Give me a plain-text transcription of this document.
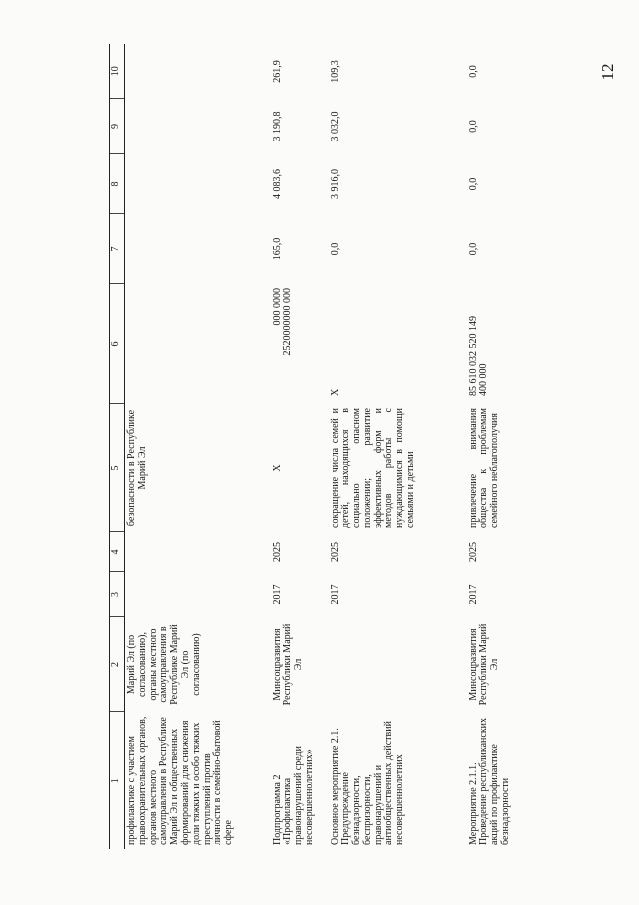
12
1	2	3	4	5	6	7	8	9	10
профилактике с участием правоохранительных органов, органов местного самоуправления в Республике Марий Эл и общественных формирований для снижения доли тяжких и особо тяжких преступлений против личности в семейно-бытовой сфере	Марий Эл (по согласованию), органы местного самоуправления в Республике Марий Эл (по согласованию)			безопасности в Республике Марий Эл	

Подпрограмма 2 «Профилактика правонарушений среди несовершеннолетних»	Минсоцразвития Республики Марий Эл	2017	2025	X	000 0000 2520000000 000	165,0	4 083,6	3 190,8	261,9
Основное мероприятие 2.1. Предупреждение безнадзорности, беспризорности, правонарушений и антиобщественных действий несовершеннолетних		2017	2025	сокращение числа семей и детей, находящихся в социально опасном положении; развитие эффективных форм и методов работы с нуждающимися в помощи семьями и детьми	X	0,0	3 916,0	3 032,0	109,3
Мероприятие 2.1.1. Проведение республиканских акций по профилактике безнадзорности	Минсоцразвития Республики Марий Эл	2017	2025	привлечение внимания общества к проблемам семейного неблагополучия	85 610 032 520 149 400 000	0,0	0,0	0,0	0,0
